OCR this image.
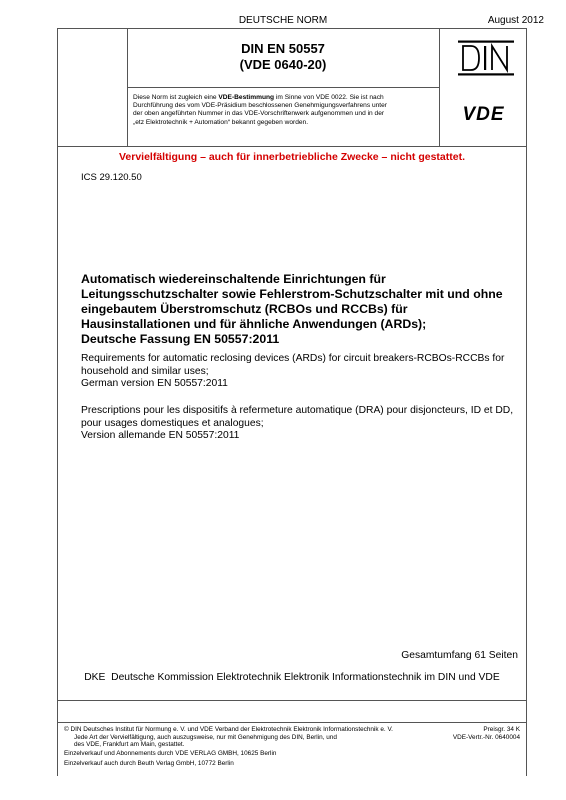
DEUTSCHE NORM	August 2012
DIN EN 50557
(VDE 0640-20)
VDE
Diese Norm ist zugleich eine VDE-Bestimmung im Sinne von VDE 0022. Sie ist nach
Durchführung des vom VDE-Präsidium beschlossenen Genehmigungsverfahrens unter
der oben angeführten Nummer in das VDE-Vorschriftenwerk aufgenommen und in der
„etz Elektrotechnik + Automation“ bekannt gegeben worden.
Vervielfältigung – auch für innerbetriebliche Zwecke – nicht gestattet.
ICS 29.120.50
Automatisch wiedereinschaltende Einrichtungen für
Leitungsschutzschalter sowie Fehlerstrom-Schutzschalter mit und ohne
eingebautem Überstromschutz (RCBOs und RCCBs) für
Hausinstallationen und für ähnliche Anwendungen (ARDs);
Deutsche Fassung EN 50557:2011
Requirements for automatic reclosing devices (ARDs) for circuit breakers-RCBOs-RCCBs for
household and similar uses;
German version EN 50557:2011
Prescriptions pour les dispositifs à refermeture automatique (DRA) pour disjoncteurs, ID et DD,
pour usages domestiques et analogues;
Version allemande EN 50557:2011
Gesamtumfang 61 Seiten
DKE  Deutsche Kommission Elektrotechnik Elektronik Informationstechnik im DIN und VDE
© DIN Deutsches Institut für Normung e. V. und VDE Verband der Elektrotechnik Elektronik Informationstechnik e. V.
Jede Art der Vervielfältigung, auch auszugsweise, nur mit Genehmigung des DIN, Berlin, und
des VDE, Frankfurt am Main, gestattet.
Preisgr. 34 K
VDE-Vertr.-Nr. 0640004
Einzelverkauf und Abonnements durch VDE VERLAG GMBH, 10625 Berlin
Einzelverkauf auch durch Beuth Verlag GmbH, 10772 Berlin
